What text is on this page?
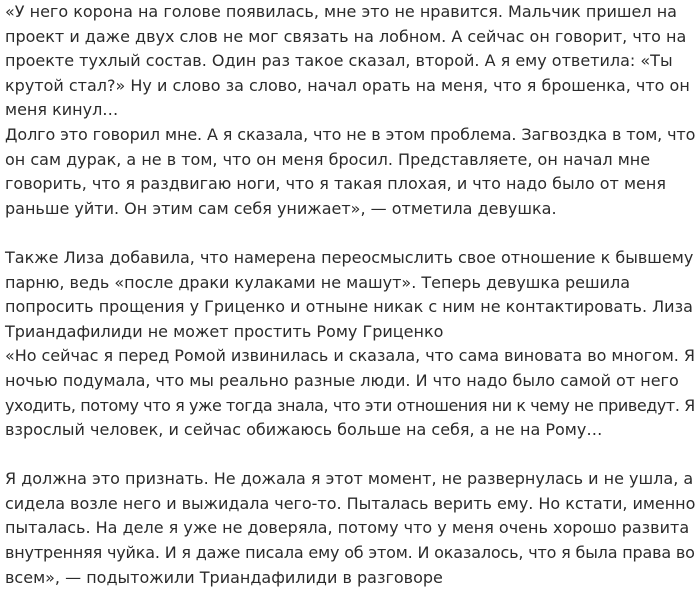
«У него корона на голове появилась, мне это не нравится. Мальчик пришел на
проект и даже двух слов не мог связать на лобном. А сейчас он говорит, что на
проекте тухлый состав. Один раз такое сказал, второй. А я ему ответила: «Ты
крутой стал?» Ну и слово за слово, начал орать на меня, что я брошенка, что он
меня кинул…
Долго это говорил мне. А я сказала, что не в этом проблема. Загвоздка в том, что
он сам дурак, а не в том, что он меня бросил. Представляете, он начал мне
говорить, что я раздвигаю ноги, что я такая плохая, и что надо было от меня
раньше уйти. Он этим сам себя унижает», — отметила девушка.
Также Лиза добавила, что намерена переосмыслить свое отношение к бывшему
парню, ведь «после драки кулаками не машут». Теперь девушка решила
попросить прощения у Гриценко и отныне никак с ним не контактировать. Лиза
Триандафилиди не может простить Рому Гриценко
«Но сейчас я перед Ромой извинилась и сказала, что сама виновата во многом. Я
ночью подумала, что мы реально разные люди. И что надо было самой от него
уходить, потому что я уже тогда знала, что эти отношения ни к чему не приведут. Я
взрослый человек, и сейчас обижаюсь больше на себя, а не на Рому…
Я должна это признать. Не дожала я этот момент, не развернулась и не ушла, а
сидела возле него и выжидала чего-то. Пыталась верить ему. Но кстати, именно
пыталась. На деле я уже не доверяла, потому что у меня очень хорошо развита
внутренняя чуйка. И я даже писала ему об этом. И оказалось, что я была права во
всем», — подытожили Триандафилиди в разговоре
